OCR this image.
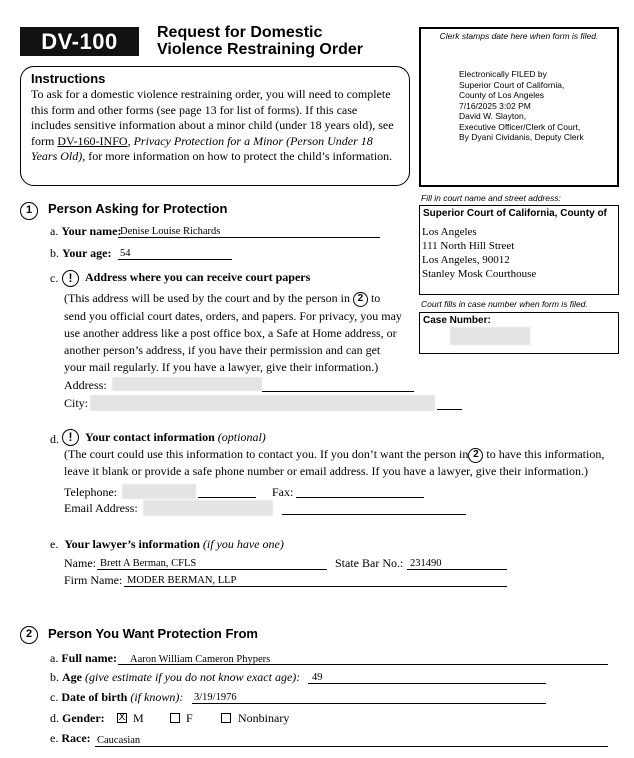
DV-100	Request for Domestic
Violence Restraining Order
Clerk stamps date here when form is filed.
Electronically FILED by
Superior Court of California,
County of Los Angeles
7/16/2025 3:02 PM
David W. Slayton,
Executive Officer/Clerk of Court,
By Dyani Cividanis, Deputy Clerk
Instructions

To ask for a domestic violence restraining order, you will need to complete this form and other forms (see page 13 for list of forms). If this case includes sensitive information about a minor child (under 18 years old), see form DV-160-INFO, Privacy Protection for a Minor (Person Under 18 Years Old), for more information on how to protect the child’s information.

Fill in court name and street address:
Superior Court of California, County of
Los Angeles
111 North Hill Street
Los Angeles, 90012
Stanley Mosk Courthouse
Court fills in case number when form is filed.
Case Number:
1	Person Asking for Protection
a. Your name:
Denise Louise Richards
b. Your age: 54
c. !	Address where you can receive court papers
(This address will be used by the court and by the person in 2 to
send you official court dates, orders, and papers. For privacy, you may
use another address like a post office box, a Safe at Home address, or
another person’s address, if you have their permission and can get
your mail regularly. If you have a lawyer, give their information.)
Address:
City:
d. !	Your contact information (optional)
(The court could use this information to contact you. If you don’t want the person in 2 to have this information,
leave it blank or provide a safe phone number or email address. If you have a lawyer, give their information.)
Telephone:	Fax:
Email Address:
e. Your lawyer’s information (if you have one)
Name: Brett A Berman, CFLS	State Bar No.: 231490
Firm Name: MODER BERMAN, LLP
2	Person You Want Protection From
a. Full name: Aaron William Cameron Phypers
b. Age (give estimate if you do not know exact age): 49
c. Date of birth (if known): 3/19/1976
d. Gender: X M	F	Nonbinary
e. Race: Caucasian
